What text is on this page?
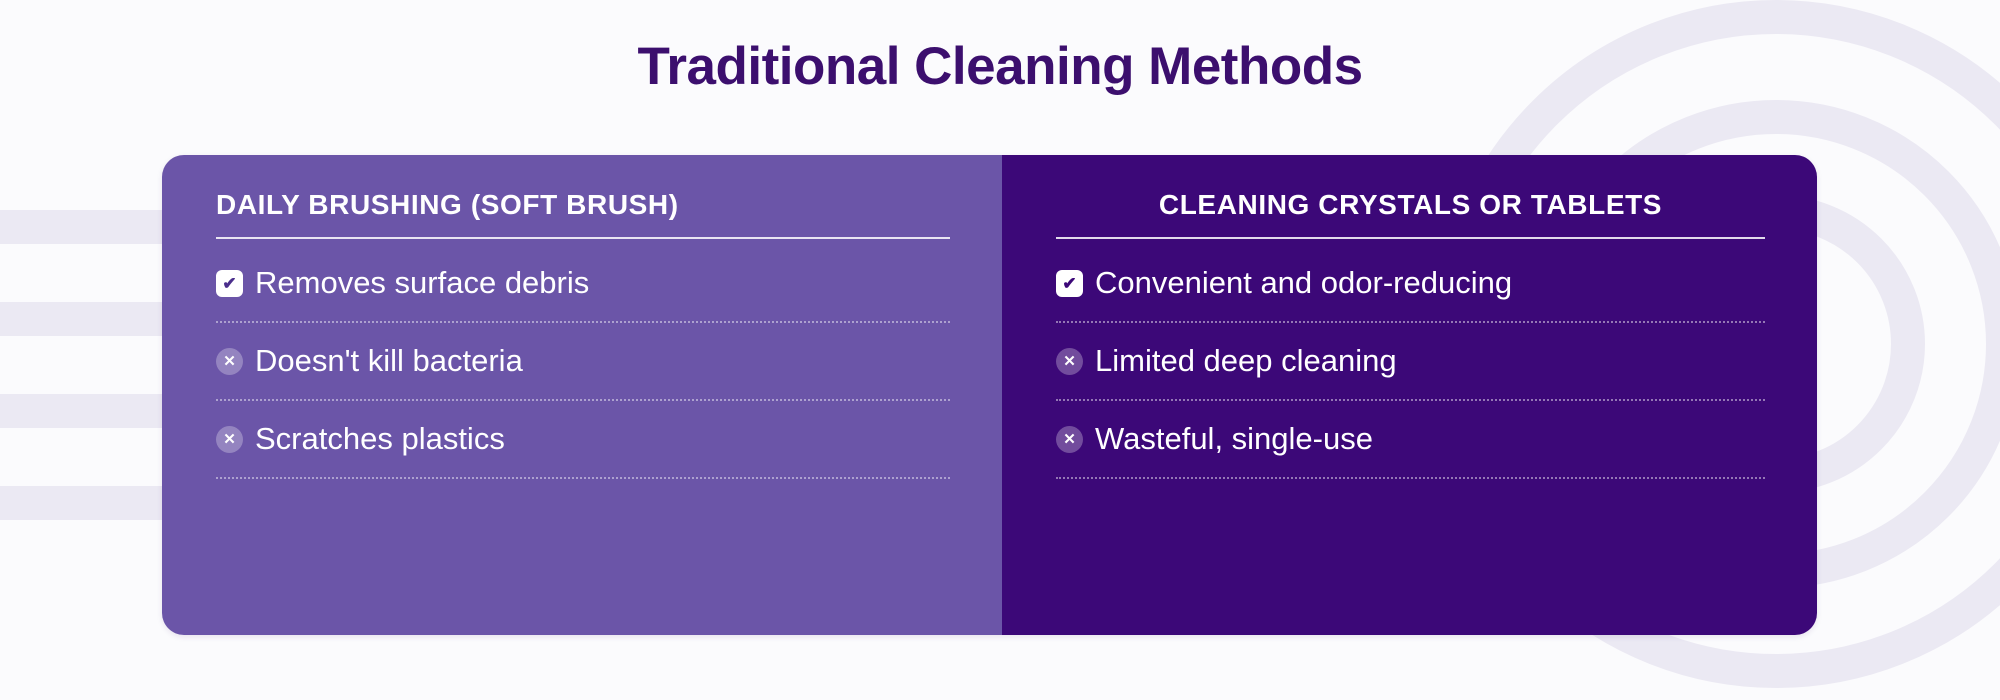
Traditional Cleaning Methods
DAILY BRUSHING (SOFT BRUSH)
✔ Removes surface debris
✕ Doesn't kill bacteria
✕ Scratches plastics
CLEANING CRYSTALS OR TABLETS
✔ Convenient and odor-reducing
✕ Limited deep cleaning
✕ Wasteful, single-use
